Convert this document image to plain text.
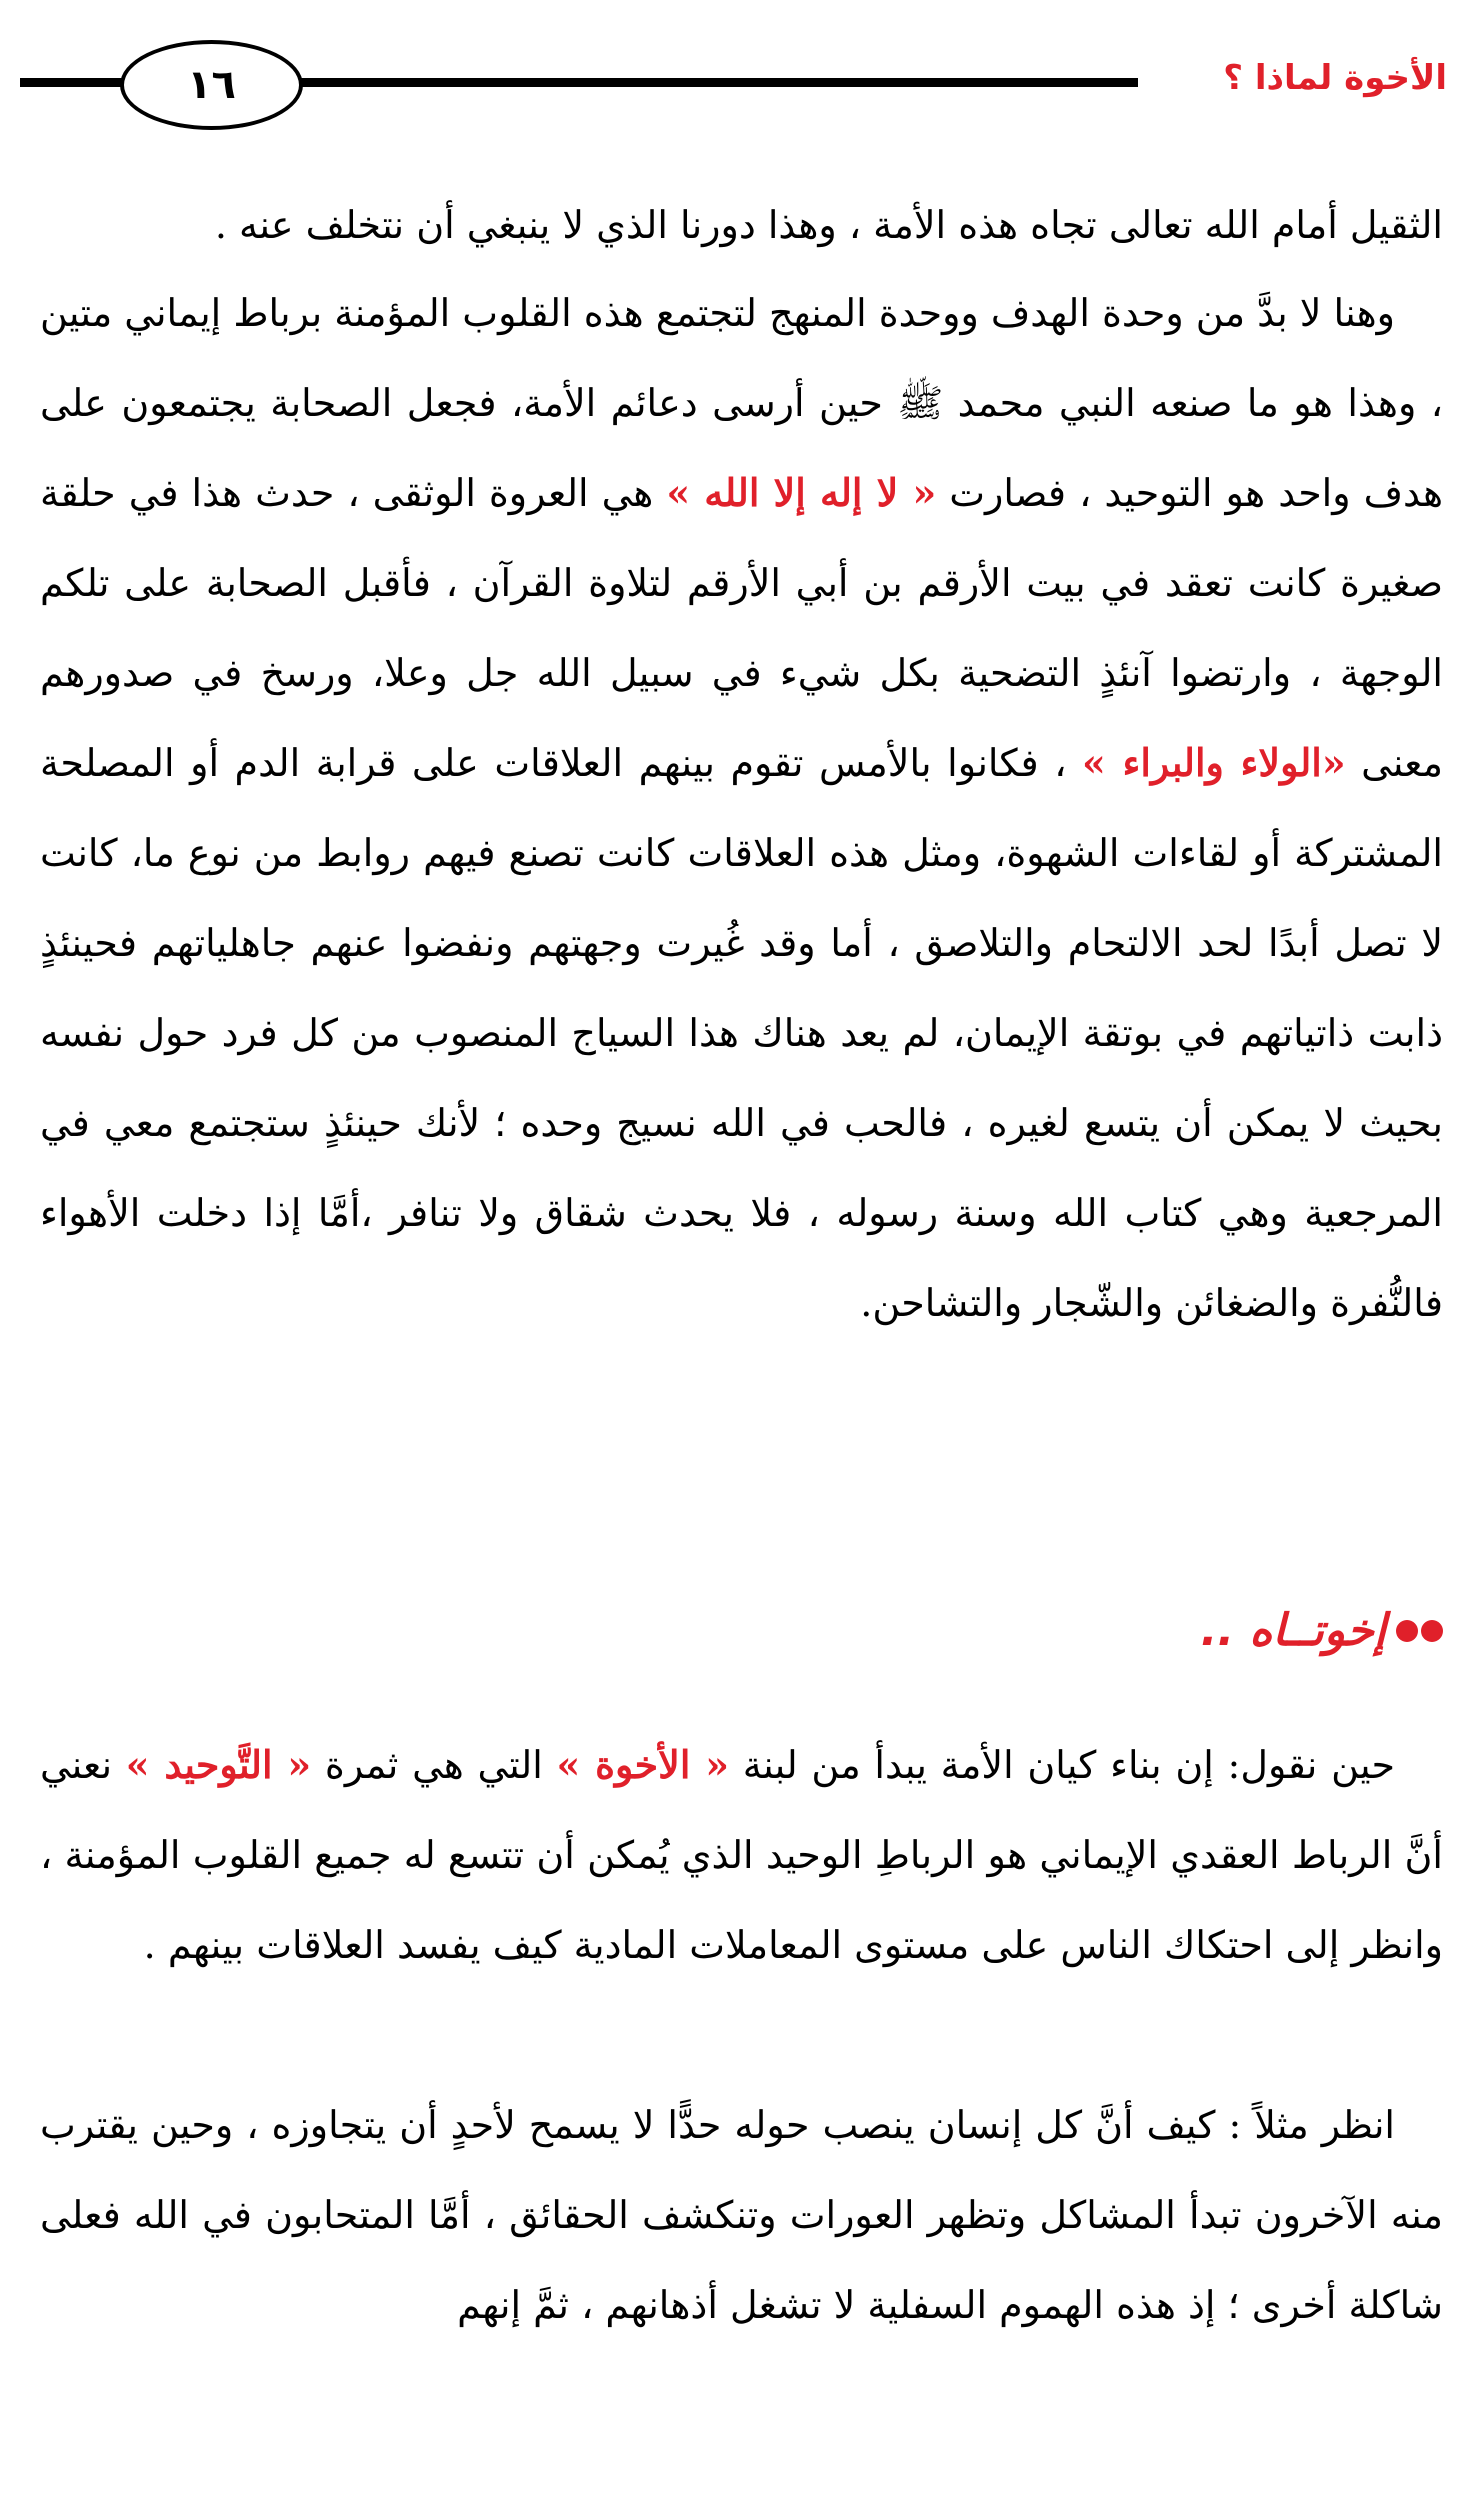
١٦	الأخوة لماذا ؟

الثقيل أمام الله تعالى تجاه هذه الأمة ، وهذا دورنا الذي لا ينبغي أن نتخلف عنه .

وهنا لا بدَّ من وحدة الهدف ووحدة المنهج لتجتمع هذه القلوب المؤمنة برباط إيماني متين ، وهذا هو ما صنعه النبي محمد ﷺ حين أرسى دعائم الأمة، فجعل الصحابة يجتمعون على هدف واحد هو التوحيد ، فصارت « لا إله إلا الله » هي العروة الوثقى ، حدث هذا في حلقة صغيرة كانت تعقد في بيت الأرقم بن أبي الأرقم لتلاوة القرآن ، فأقبل الصحابة على تلكم الوجهة ، وارتضوا آنئذٍ التضحية بكل شيء في سبيل الله جل وعلا، ورسخ في صدورهم معنى «الولاء والبراء » ، فكانوا بالأمس تقوم بينهم العلاقات على قرابة الدم أو المصلحة المشتركة أو لقاءات الشهوة، ومثل هذه العلاقات كانت تصنع فيهم روابط من نوع ما، كانت لا تصل أبدًا لحد الالتحام والتلاصق ، أما وقد غُيرت وجهتهم ونفضوا عنهم جاهلياتهم فحينئذٍ ذابت ذاتياتهم في بوتقة الإيمان، لم يعد هناك هذا السياج المنصوب من كل فرد حول نفسه بحيث لا يمكن أن يتسع لغيره ، فالحب في الله نسيج وحده ؛ لأنك حينئذٍ ستجتمع معي في المرجعية وهي كتاب الله وسنة رسوله ، فلا يحدث شقاق ولا تنافر ،أمَّا إذا دخلت الأهواء فالنُّفرة والضغائن والشّجار والتشاحن.

إخوتــاه ..

حين نقول: إن بناء كيان الأمة يبدأ من لبنة « الأخوة » التي هي ثمرة « التَّوحيد » نعني أنَّ الرباط العقدي الإيماني هو الرباطِ الوحيد الذي يُمكن أن تتسع له جميع القلوب المؤمنة ، وانظر إلى احتكاك الناس على مستوى المعاملات المادية كيف يفسد العلاقات بينهم .

انظر مثلاً : كيف أنَّ كل إنسان ينصب حوله حدًّا لا يسمح لأحدٍ أن يتجاوزه ، وحين يقترب منه الآخرون تبدأ المشاكل وتظهر العورات وتنكشف الحقائق ، أمَّا المتحابون في الله فعلى شاكلة أخرى ؛ إذ هذه الهموم السفلية لا تشغل أذهانهم ، ثمَّ إنهم
